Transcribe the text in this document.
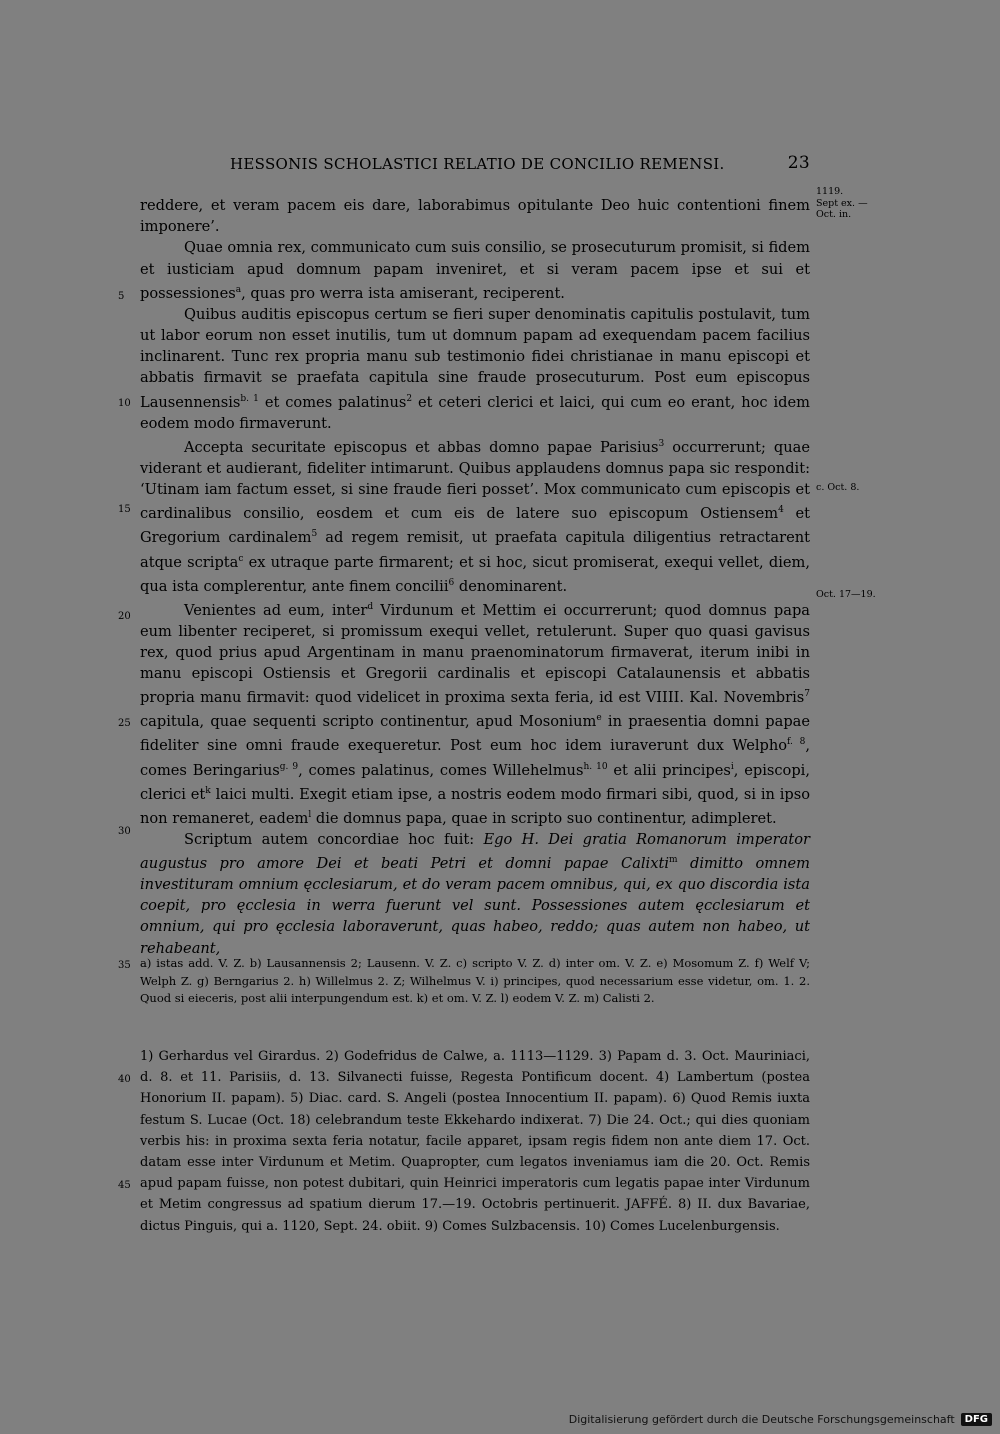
HESSONIS SCHOLASTICI RELATIO DE CONCILIO REMENSI.	23
1119.
Sept ex. —
Oct. in.
c. Oct. 8.
Oct. 17—19.
5
10
15
20
25
30
35
40
45

reddere, et veram pacem eis dare, laborabimus opitulante Deo huic contentioni finem imponere’.

Quae omnia rex, communicato cum suis consilio, se prosecuturum promisit, si fidem et iusticiam apud domnum papam inveniret, et si veram pacem ipse et sui et possessiones$^a$, quas pro werra ista amiserant, reciperent.

Quibus auditis episcopus certum se fieri super denominatis capitulis postulavit, tum ut labor eorum non esset inutilis, tum ut domnum papam ad exequendam pacem facilius inclinarent. Tunc rex propria manu sub testimonio fidei christianae in manu episcopi et abbatis firmavit se praefata capitula sine fraude prosecuturum. Post eum episcopus Lausennensis$^{b. 1}$ et comes palatinus$^2$ et ceteri clerici et laici, qui cum eo erant, hoc idem eodem modo firmaverunt.

Accepta securitate episcopus et abbas domno papae Parisius$^3$ occurrerunt; quae viderant et audierant, fideliter intimarunt. Quibus applaudens domnus papa sic respondit: ‘Utinam iam factum esset, si sine fraude fieri posset’. Mox communicato cum episcopis et cardinalibus consilio, eosdem et cum eis de latere suo episcopum Ostiensem$^4$ et Gregorium cardinalem$^5$ ad regem remisit, ut praefata capitula diligentius retractarent atque scripta$^c$ ex utraque parte firmarent; et si hoc, sicut promiserat, exequi vellet, diem, qua ista complerentur, ante finem concilii$^6$ denominarent.

Venientes ad eum, inter$^d$ Virdunum et Mettim ei occurrerunt; quod domnus papa eum libenter reciperet, si promissum exequi vellet, retulerunt. Super quo quasi gavisus rex, quod prius apud Argentinam in manu praenominatorum firmaverat, iterum inibi in manu episcopi Ostiensis et Gregorii cardinalis et episcopi Catalaunensis et abbatis propria manu firmavit: quod videlicet in proxima sexta feria, id est VIIII. Kal. Novembris$^7$ capitula, quae sequenti scripto continentur, apud Mosonium$^e$ in praesentia domni papae fideliter sine omni fraude exequeretur. Post eum hoc idem iuraverunt dux Welpho$^{f. 8}$, comes Beringarius$^{g. 9}$, comes palatinus, comes Willehelmus$^{h. 10}$ et alii principes$^i$, episcopi, clerici $et^k$ laici multi. Exegit etiam ipse, a nostris eodem modo firmari sibi, quod, si in ipso non remaneret, eadem$^l$ die domnus papa, quae in scripto suo continentur, adimpleret.

Scriptum autem concordiae hoc fuit: Ego H. Dei gratia Romanorum imperator augustus pro amore Dei et beati Petri et domni papae Calixti$^m$ dimitto omnem investituram omnium ęcclesiarum, et do veram pacem omnibus, qui, ex quo discordia ista coepit, pro ęcclesia in werra fuerunt vel sunt. Possessiones autem ęcclesiarum et omnium, qui pro ęcclesia laboraverunt, quas habeo, reddo; quas autem non habeo, ut rehabeant,

a) istas add. V. Z. b) Lausannensis 2; Lausenn. V. Z. c) scripto V. Z. d) inter om. V. Z. e) Mosomum Z. f) Welf V; Welph Z. g) Berngarius 2. h) Willelmus 2. Z; Wilhelmus V. i) principes, quod necessarium esse videtur, om. 1. 2. Quod si eieceris, post alii interpungendum est. k) et om. V. Z. l) eodem V. Z. m) Calisti 2.
1) Gerhardus vel Girardus. 2) Godefridus de Calwe, a. 1113—1129. 3) Papam d. 3. Oct. Mauriniaci, d. 8. et 11. Parisiis, d. 13. Silvanecti fuisse, Regesta Pontificum docent. 4) Lambertum (postea Honorium II. papam). 5) Diac. card. S. Angeli (postea Innocentium II. papam). 6) Quod Remis iuxta festum S. Lucae (Oct. 18) celebrandum teste Ekkehardo indixerat. 7) Die 24. Oct.; qui dies quoniam verbis his: in proxima sexta feria notatur, facile apparet, ipsam regis fidem non ante diem 17. Oct. datam esse inter Virdunum et Metim. Quapropter, cum legatos inveniamus iam die 20. Oct. Remis apud papam fuisse, non potest dubitari, quin Heinrici imperatoris cum legatis papae inter Virdunum et Metim congressus ad spatium dierum 17.—19. Octobris pertinuerit. JAFFÉ. 8) II. dux Bavariae, dictus Pinguis, qui a. 1120, Sept. 24. obiit. 9) Comes Sulzbacensis. 10) Comes Lucelenburgensis.
Digitalisierung gefördert durch die Deutsche Forschungsgemeinschaft	DFG
